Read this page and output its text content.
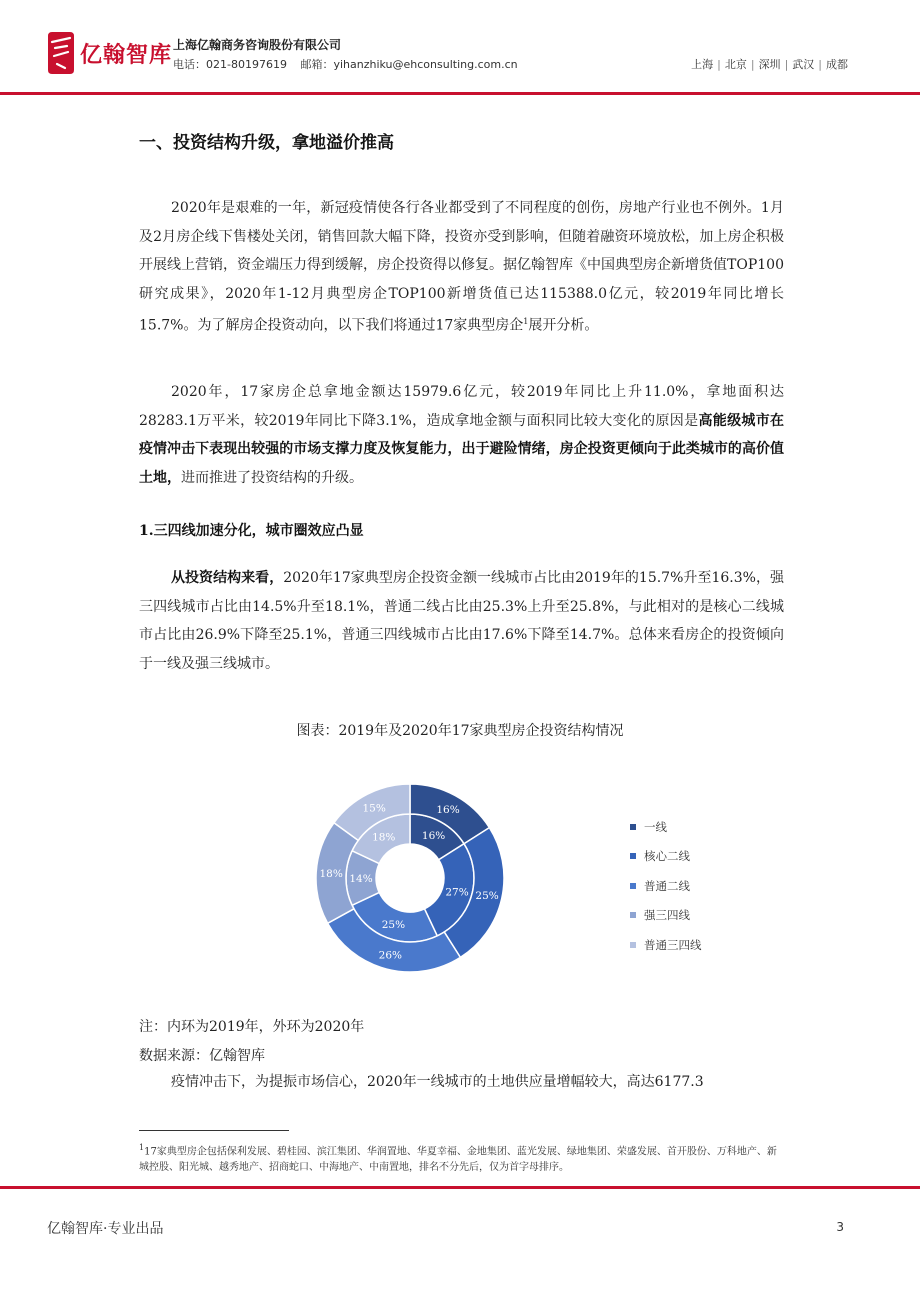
亿翰智库 上海亿翰商务咨询股份有限公司
电话：021-80197619 邮箱：yihanzhiku@ehconsulting.com.cn	上海 | 北京 | 深圳 | 武汉 | 成都
一、投资结构升级，拿地溢价推高

2020年是艰难的一年，新冠疫情使各行各业都受到了不同程度的创伤，房地产行业也不例外。1月及2月房企线下售楼处关闭，销售回款大幅下降，投资亦受到影响，但随着融资环境放松，加上房企积极开展线上营销，资金端压力得到缓解，房企投资得以修复。据亿翰智库《中国典型房企新增货值TOP100研究成果》，2020年1-12月典型房企TOP100新增货值已达115388.0亿元，较2019年同比增长15.7%。为了解房企投资动向，以下我们将通过17家典型房企$^1$展开分析。

2020年，17家房企总拿地金额达15979.6亿元，较2019年同比上升11.0%，拿地面积达28283.1万平米，较2019年同比下降3.1%，造成拿地金额与面积同比较大变化的原因是高能级城市在疫情冲击下表现出较强的市场支撑力度及恢复能力，出于避险情绪，房企投资更倾向于此类城市的高价值土地，进而推进了投资结构的升级。

1.三四线加速分化，城市圈效应凸显

从投资结构来看，2020年17家典型房企投资金额一线城市占比由2019年的15.7%升至16.3%，强三四线城市占比由14.5%升至18.1%，普通二线占比由25.3%上升至25.8%，与此相对的是核心二线城市占比由26.9%下降至25.1%，普通三四线城市占比由17.6%下降至14.7%。总体来看房企的投资倾向于一线及强三线城市。

图表：2019年及2020年17家典型房企投资结构情况
16%
27%
25%
14%
18%
16%
25%
26%
18%
15%
一线
核心二线
普通二线
强三四线
普通三四线
注：内环为2019年，外环为2020年
数据来源：亿翰智库

疫情冲击下，为提振市场信心，2020年一线城市的土地供应量增幅较大，高达6177.3

$^1$17家典型房企包括保利发展、碧桂园、滨江集团、华润置地、华夏幸福、金地集团、蓝光发展、绿地集团、荣盛发展、首开股份、万科地产、新城控股、阳光城、越秀地产、招商蛇口、中海地产、中南置地，排名不分先后，仅为首字母排序。
亿翰智库·专业出品	3
